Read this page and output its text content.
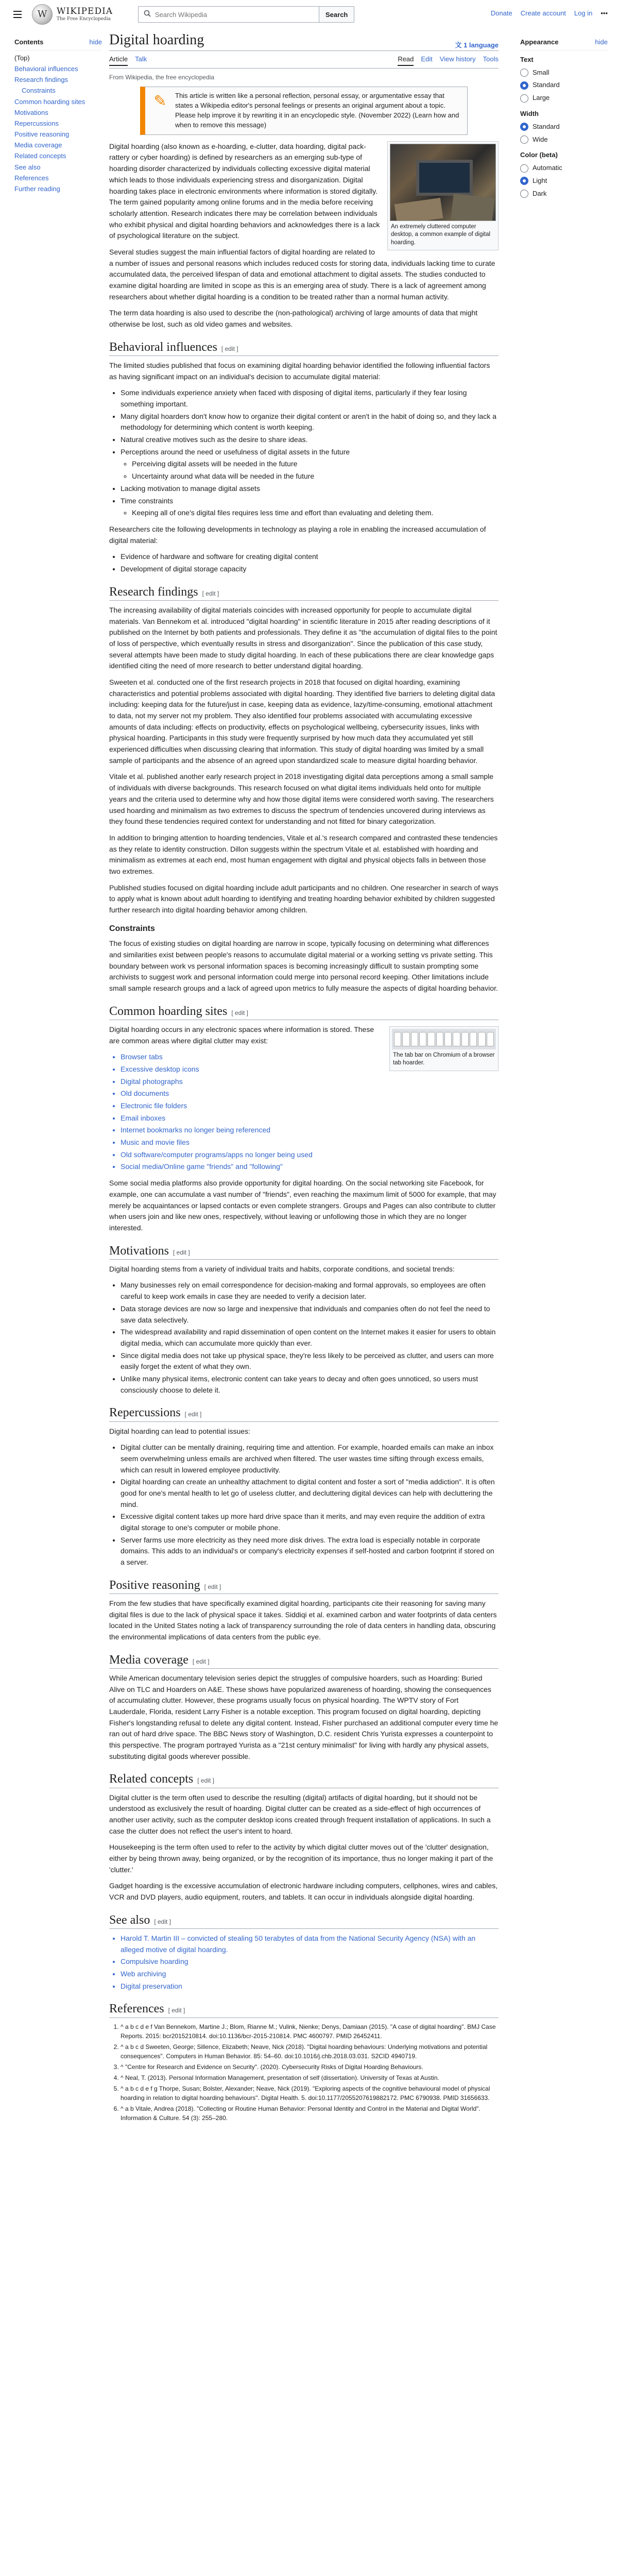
W	WIKIPEDIA
The Free Encyclopedia
Search Wikipedia
Search	Donate Create account Log in •••
Contents	hide
(Top)
Behavioral influences
Research findings
Constraints
Common hoarding sites
Motivations
Repercussions
Positive reasoning
Media coverage
Related concepts
See also
References
Further reading
Digital hoarding	文 1 language
Article Talk	Read Edit View history Tools
From Wikipedia, the free encyclopedia
✎	This article is written like a personal reflection, personal essay, or argumentative essay that states a Wikipedia editor's personal feelings or presents an original argument about a topic. Please help improve it by rewriting it in an encyclopedic style. (November 2022) (Learn how and when to remove this message)
An extremely cluttered computer desktop, a common example of digital hoarding.

Digital hoarding (also known as e-hoarding, e-clutter, data hoarding, digital pack-rattery or cyber hoarding) is defined by researchers as an emerging sub-type of hoarding disorder characterized by individuals collecting excessive digital material which leads to those individuals experiencing stress and disorganization. Digital hoarding takes place in electronic environments where information is stored digitally. The term gained popularity among online forums and in the media before receiving scholarly attention. Research indicates there may be correlation between individuals who exhibit physical and digital hoarding behaviors and acknowledges there is a lack of psychological literature on the subject.

Several studies suggest the main influential factors of digital hoarding are related to a number of issues and personal reasons which includes reduced costs for storing data, individuals lacking time to curate accumulated data, the perceived lifespan of data and emotional attachment to digital assets. The studies conducted to examine digital hoarding are limited in scope as this is an emerging area of study. There is a lack of agreement among researchers about whether digital hoarding is a condition to be treated rather than a normal human activity.

The term data hoarding is also used to describe the (non-pathological) archiving of large amounts of data that might otherwise be lost, such as old video games and websites.

Behavioral influences [ edit ]

The limited studies published that focus on examining digital hoarding behavior identified the following influential factors as having significant impact on an individual's decision to accumulate digital material:

• Some individuals experience anxiety when faced with disposing of digital items, particularly if they fear losing something important.
• Many digital hoarders don't know how to organize their digital content or aren't in the habit of doing so, and they lack a methodology for determining which content is worth keeping.
• Natural creative motives such as the desire to share ideas.
• Perceptions around the need or usefulness of digital assets in the future
◦ Perceiving digital assets will be needed in the future
◦ Uncertainty around what data will be needed in the future
• Lacking motivation to manage digital assets
• Time constraints
◦ Keeping all of one's digital files requires less time and effort than evaluating and deleting them.

Researchers cite the following developments in technology as playing a role in enabling the increased accumulation of digital material:

• Evidence of hardware and software for creating digital content
• Development of digital storage capacity
Research findings [ edit ]

The increasing availability of digital materials coincides with increased opportunity for people to accumulate digital materials. Van Bennekom et al. introduced "digital hoarding" in scientific literature in 2015 after reading descriptions of it published on the Internet by both patients and professionals. They define it as "the accumulation of digital files to the point of loss of perspective, which eventually results in stress and disorganization". Since the publication of this case study, several attempts have been made to study digital hoarding. In each of these publications there are clear knowledge gaps identified citing the need of more research to better understand digital hoarding.

Sweeten et al. conducted one of the first research projects in 2018 that focused on digital hoarding, examining characteristics and potential problems associated with digital hoarding. They identified five barriers to deleting digital data including: keeping data for the future/just in case, keeping data as evidence, lazy/time-consuming, emotional attachment to data, not my server not my problem. They also identified four problems associated with accumulating excessive amounts of data including: effects on productivity, effects on psychological wellbeing, cybersecurity issues, links with physical hoarding. Participants in this study were frequently surprised by how much data they accumulated yet still experienced difficulties when discussing clearing that information. This study of digital hoarding was limited by a small sample of participants and the absence of an agreed upon standardized scale to measure digital hoarding behavior.

Vitale et al. published another early research project in 2018 investigating digital data perceptions among a small sample of individuals with diverse backgrounds. This research focused on what digital items individuals held onto for multiple years and the criteria used to determine why and how those digital items were considered worth saving. The researchers used hoarding and minimalism as two extremes to discuss the spectrum of tendencies uncovered during interviews as they found these tendencies required context for understanding and not fitted for binary categorization.

In addition to bringing attention to hoarding tendencies, Vitale et al.'s research compared and contrasted these tendencies as they relate to identity construction. Dillon suggests within the spectrum Vitale et al. established with hoarding and minimalism as extremes at each end, most human engagement with digital and physical objects falls in between those two extremes.

Published studies focused on digital hoarding include adult participants and no children. One researcher in search of ways to apply what is known about adult hoarding to identifying and treating hoarding behavior exhibited by children suggested further research into digital hoarding behavior among children.

Constraints

The focus of existing studies on digital hoarding are narrow in scope, typically focusing on determining what differences and similarities exist between people's reasons to accumulate digital material or a working setting vs private setting. This boundary between work vs personal information spaces is becoming increasingly difficult to sustain prompting some archivists to suggest work and personal information could merge into personal record keeping. Other limitations include small sample research groups and a lack of agreed upon metrics to fully measure the aspects of digital hoarding behavior.

Common hoarding sites [ edit ]
The tab bar on Chromium of a browser tab hoarder.

Digital hoarding occurs in any electronic spaces where information is stored. These are common areas where digital clutter may exist:

• Browser tabs
• Excessive desktop icons
• Digital photographs
• Old documents
• Electronic file folders
• Email inboxes
• Internet bookmarks no longer being referenced
• Music and movie files
• Old software/computer programs/apps no longer being used
• Social media/Online game "friends" and "following"

Some social media platforms also provide opportunity for digital hoarding. On the social networking site Facebook, for example, one can accumulate a vast number of "friends", even reaching the maximum limit of 5000 for example, that may merely be acquaintances or lapsed contacts or even complete strangers. Groups and Pages can also contribute to clutter when users join and like new ones, respectively, without leaving or unfollowing those in which they are no longer interested.

Motivations [ edit ]

Digital hoarding stems from a variety of individual traits and habits, corporate conditions, and societal trends:

• Many businesses rely on email correspondence for decision-making and formal approvals, so employees are often careful to keep work emails in case they are needed to verify a decision later.
• Data storage devices are now so large and inexpensive that individuals and companies often do not feel the need to save data selectively.
• The widespread availability and rapid dissemination of open content on the Internet makes it easier for users to obtain digital media, which can accumulate more quickly than ever.
• Since digital media does not take up physical space, they're less likely to be perceived as clutter, and users can more easily forget the extent of what they own.
• Unlike many physical items, electronic content can take years to decay and often goes unnoticed, so users must consciously choose to delete it.
Repercussions [ edit ]

Digital hoarding can lead to potential issues:

• Digital clutter can be mentally draining, requiring time and attention. For example, hoarded emails can make an inbox seem overwhelming unless emails are archived when filtered. The user wastes time sifting through excess emails, which can result in lowered employee productivity.
• Digital hoarding can create an unhealthy attachment to digital content and foster a sort of "media addiction". It is often good for one's mental health to let go of useless clutter, and decluttering digital devices can help with decluttering the mind.
• Excessive digital content takes up more hard drive space than it merits, and may even require the addition of extra digital storage to one's computer or mobile phone.
• Server farms use more electricity as they need more disk drives. The extra load is especially notable in corporate domains. This adds to an individual's or company's electricity expenses if self-hosted and carbon footprint if stored on a server.
Positive reasoning [ edit ]

From the few studies that have specifically examined digital hoarding, participants cite their reasoning for saving many digital files is due to the lack of physical space it takes. Siddiqi et al. examined carbon and water footprints of data centers located in the United States noting a lack of transparency surrounding the role of data centers in handling data, obscuring the environmental implications of data centers from the public eye.

Media coverage [ edit ]

While American documentary television series depict the struggles of compulsive hoarders, such as Hoarding: Buried Alive on TLC and Hoarders on A&E. These shows have popularized awareness of hoarding, showing the consequences of accumulating clutter. However, these programs usually focus on physical hoarding. The WPTV story of Fort Lauderdale, Florida, resident Larry Fisher is a notable exception. This program focused on digital hoarding, depicting Fisher's longstanding refusal to delete any digital content. Instead, Fisher purchased an additional computer every time he ran out of hard drive space. The BBC News story of Washington, D.C. resident Chris Yurista expresses a counterpoint to this perspective. The program portrayed Yurista as a "21st century minimalist" for living with hardly any physical assets, substituting digital goods wherever possible.

Related concepts [ edit ]

Digital clutter is the term often used to describe the resulting (digital) artifacts of digital hoarding, but it should not be understood as exclusively the result of hoarding. Digital clutter can be created as a side-effect of high occurrences of another user activity, such as the computer desktop icons created through frequent installation of applications. In such a case the clutter does not reflect the user's intent to hoard.

Housekeeping is the term often used to refer to the activity by which digital clutter moves out of the 'clutter' designation, either by being thrown away, being organized, or by the recognition of its importance, thus no longer making it part of the 'clutter.'

Gadget hoarding is the excessive accumulation of electronic hardware including computers, cellphones, wires and cables, VCR and DVD players, audio equipment, routers, and tablets. It can occur in individuals alongside digital hoarding.

See also [ edit ]
• Harold T. Martin III – convicted of stealing 50 terabytes of data from the National Security Agency (NSA) with an alleged motive of digital hoarding.
• Compulsive hoarding
• Web archiving
• Digital preservation
References [ edit ]
1. ^ a b c d e f Van Bennekom, Martine J.; Blom, Rianne M.; Vulink, Nienke; Denys, Damiaan (2015). "A case of digital hoarding". BMJ Case Reports. 2015: bcr2015210814. doi:10.1136/bcr-2015-210814. PMC 4600797. PMID 26452411.
2. ^ a b c d Sweeten, George; Sillence, Elizabeth; Neave, Nick (2018). "Digital hoarding behaviours: Underlying motivations and potential consequences". Computers in Human Behavior. 85: 54–60. doi:10.1016/j.chb.2018.03.031. S2CID 4940719.
3. ^ "Centre for Research and Evidence on Security". (2020). Cybersecurity Risks of Digital Hoarding Behaviours.
4. ^ Neal, T. (2013). Personal Information Management, presentation of self (dissertation). University of Texas at Austin.
5. ^ a b c d e f g Thorpe, Susan; Bolster, Alexander; Neave, Nick (2019). "Exploring aspects of the cognitive behavioural model of physical hoarding in relation to digital hoarding behaviours". Digital Health. 5. doi:10.1177/2055207619882172. PMC 6790938. PMID 31656633.
6. ^ a b Vitale, Andrea (2018). "Collecting or Routine Human Behavior: Personal Identity and Control in the Material and Digital World". Information & Culture. 54 (3): 255–280.
Appearance	hide
Text
Small
Standard
Large
Width
Standard
Wide
Color (beta)
Automatic
Light
Dark
